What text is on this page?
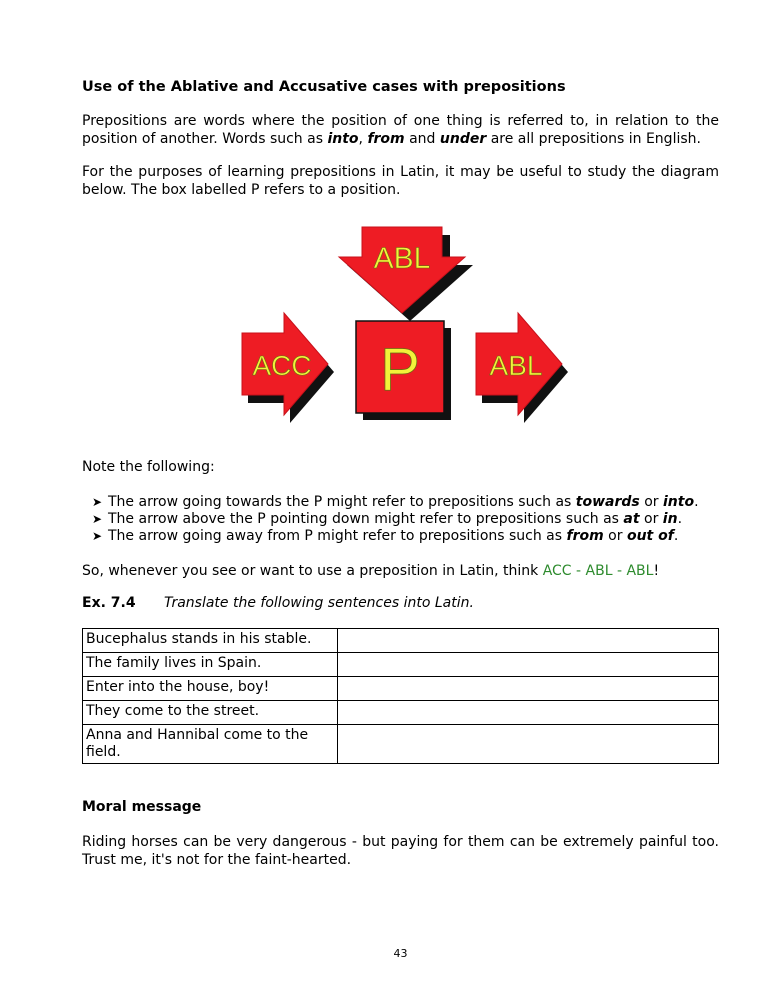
Use of the Ablative and Accusative cases with prepositions
Prepositions are words where the position of one thing is referred to, in relation to the position of another. Words such as into, from and under are all prepositions in English.
For the purposes of learning prepositions in Latin, it may be useful to study the diagram below. The box labelled P refers to a position.
ABL
ACC P ABL
Note the following:
➤ The arrow going towards the P might refer to prepositions such as towards or into.
➤ The arrow above the P pointing down might refer to prepositions such as at or in.
➤ The arrow going away from P might refer to prepositions such as from or out of.
So, whenever you see or want to use a preposition in Latin, think ACC - ABL - ABL!
Ex. 7.4	Translate the following sentences into Latin.
Bucephalus stands in his stable.	
The family lives in Spain.	
Enter into the house, boy!	
They come to the street.	
Anna and Hannibal come to the field.	
Moral message
Riding horses can be very dangerous - but paying for them can be extremely painful too. Trust me, it's not for the faint-hearted.
43
